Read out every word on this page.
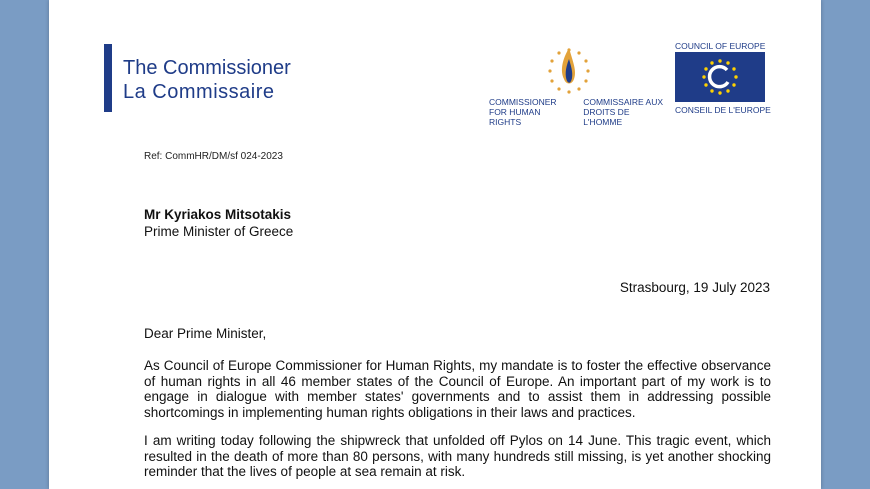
The Commissioner
La Commissaire	COMMISSIONER
FOR HUMAN RIGHTS
COMMISSAIRE AUX
DROITS DE L'HOMME
COUNCIL OF EUROPE
CONSEIL DE L'EUROPE
Ref: CommHR/DM/sf 024-2023
Mr Kyriakos Mitsotakis
Prime Minister of Greece
Strasbourg, 19 July 2023
Dear Prime Minister,
As Council of Europe Commissioner for Human Rights, my mandate is to foster the effective observance of human rights in all 46 member states of the Council of Europe. An important part of my work is to engage in dialogue with member states' governments and to assist them in addressing possible shortcomings in implementing human rights obligations in their laws and practices.
I am writing today following the shipwreck that unfolded off Pylos on 14 June. This tragic event, which resulted in the death of more than 80 persons, with many hundreds still missing, is yet another shocking reminder that the lives of people at sea remain at risk.
